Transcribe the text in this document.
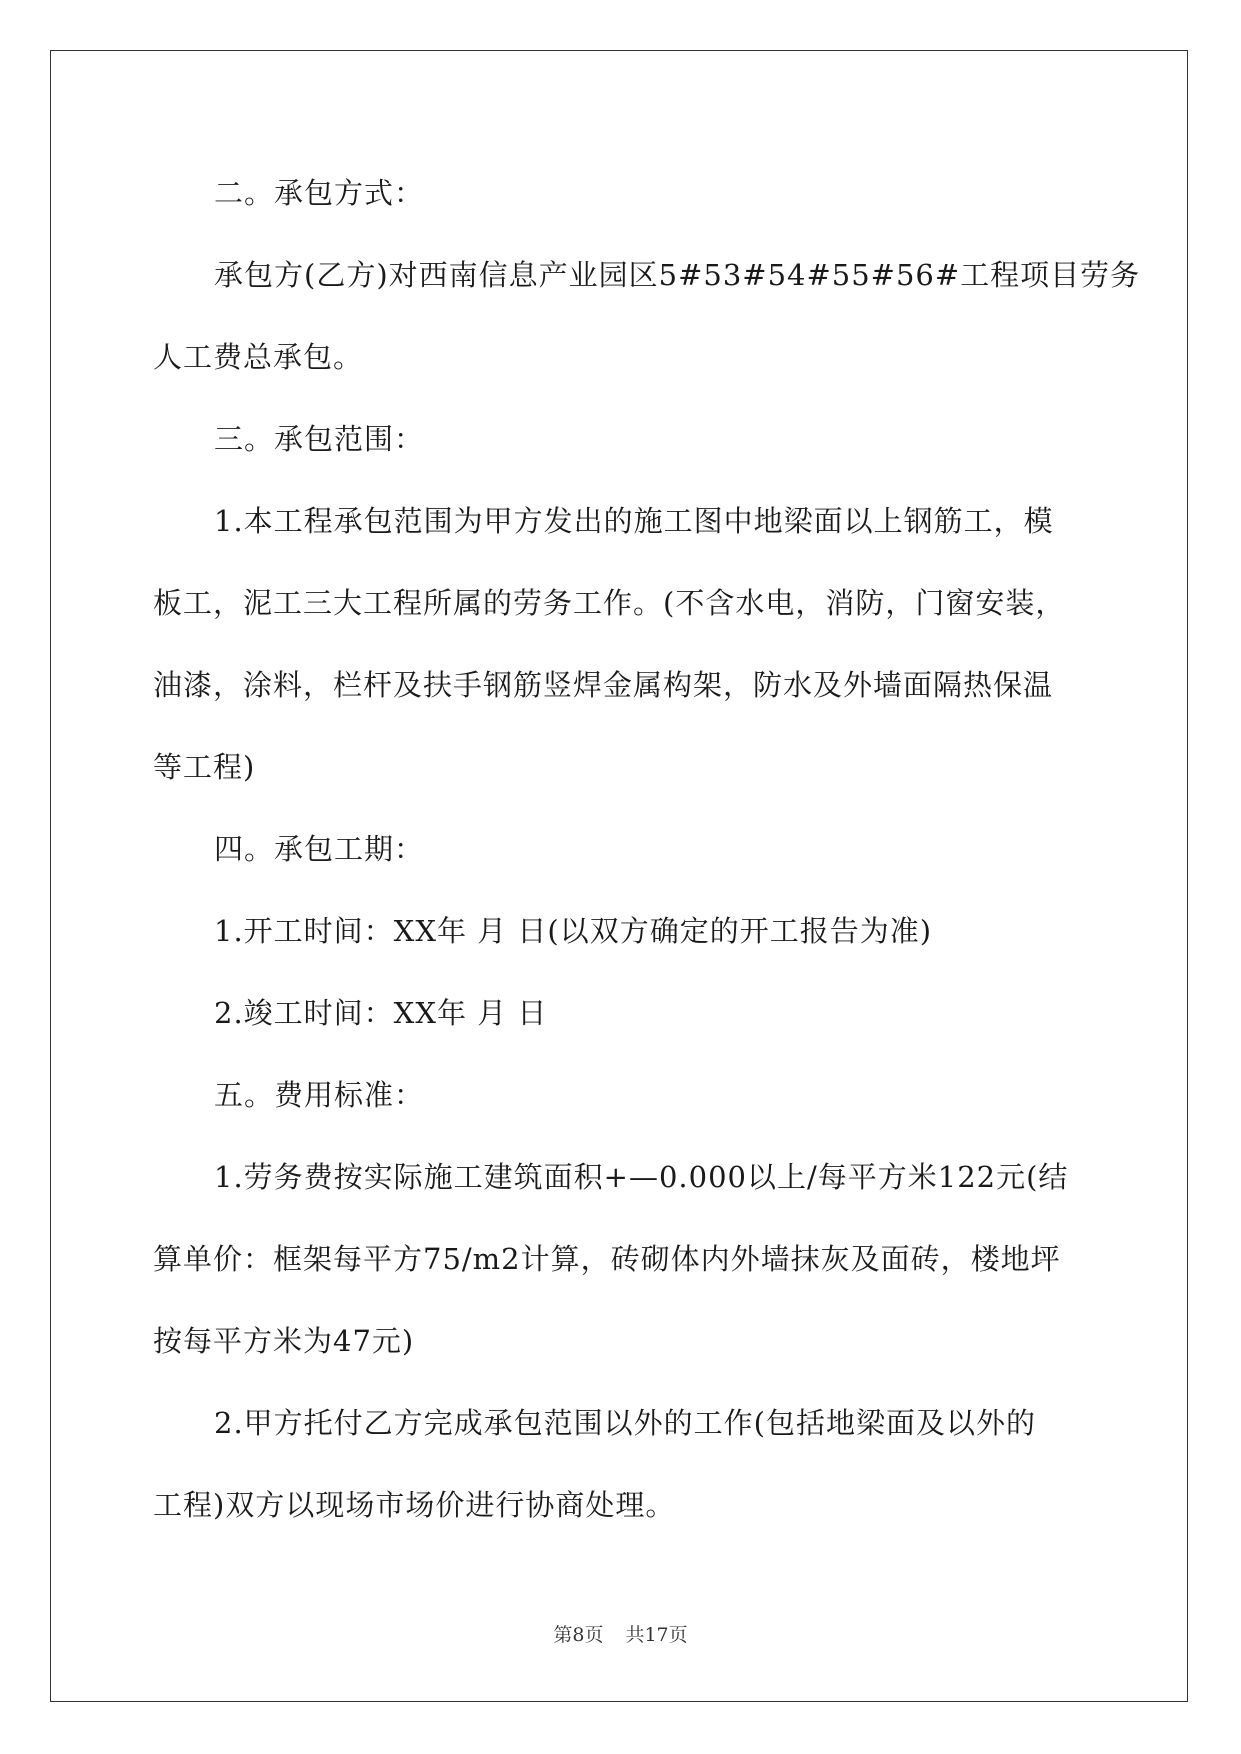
二。承包方式：
承包方(乙方)对西南信息产业园区5#53#54#55#56#工程项目劳务
人工费总承包。
三。承包范围：
1.本工程承包范围为甲方发出的施工图中地梁面以上钢筋工，模
板工，泥工三大工程所属的劳务工作。(不含水电，消防，门窗安装，
油漆，涂料，栏杆及扶手钢筋竖焊金属构架，防水及外墙面隔热保温
等工程)
四。承包工期：
1.开工时间：XX年 月 日(以双方确定的开工报告为准)
2.竣工时间：XX年 月 日
五。费用标准：
1.劳务费按实际施工建筑面积+—0.000以上/每平方米122元(结
算单价：框架每平方75/m2计算，砖砌体内外墙抹灰及面砖，楼地坪
按每平方米为47元)
2.甲方托付乙方完成承包范围以外的工作(包括地梁面及以外的
工程)双方以现场市场价进行协商处理。
第8页 共17页
